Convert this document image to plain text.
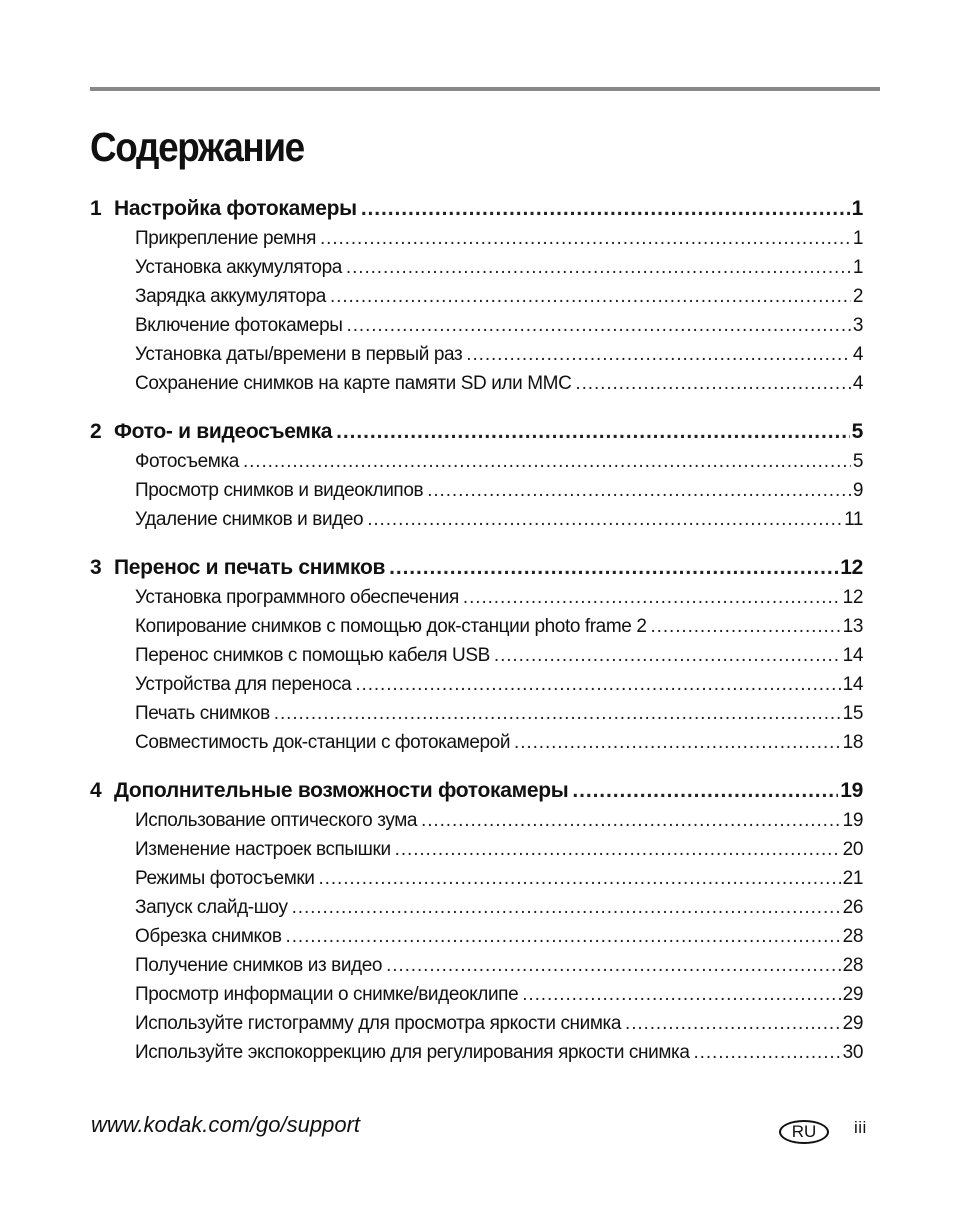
Содержание
1 Настройка фотокамеры .....	1
Прикрепление ремня .....	1
Установка аккумулятора .....	1
Зарядка аккумулятора .....	2
Включение фотокамеры .....	3
Установка даты/времени в первый раз .....	4
Сохранение снимков на карте памяти SD или MMC .....	4
2 Фото- и видеосъемка .....	5
Фотосъемка .....	5
Просмотр снимков и видеоклипов .....	9
Удаление снимков и видео .....	11
3 Перенос и печать снимков .....	12
Установка программного обеспечения .....	12
Копирование снимков с помощью док-станции photo frame 2 .....	13
Перенос снимков с помощью кабеля USB .....	14
Устройства для переноса .....	14
Печать снимков .....	15
Совместимость док-станции с фотокамерой .....	18
4 Дополнительные возможности фотокамеры .....	19
Использование оптического зума .....	19
Изменение настроек вспышки .....	20
Режимы фотосъемки .....	21
Запуск слайд-шоу .....	26
Обрезка снимков .....	28
Получение снимков из видео .....	28
Просмотр информации о снимке/видеоклипе .....	29
Используйте гистограмму для просмотра яркости снимка .....	29
Используйте экспокоррекцию для регулирования яркости снимка .....	30
www.kodak.com/go/support	RU	iii
